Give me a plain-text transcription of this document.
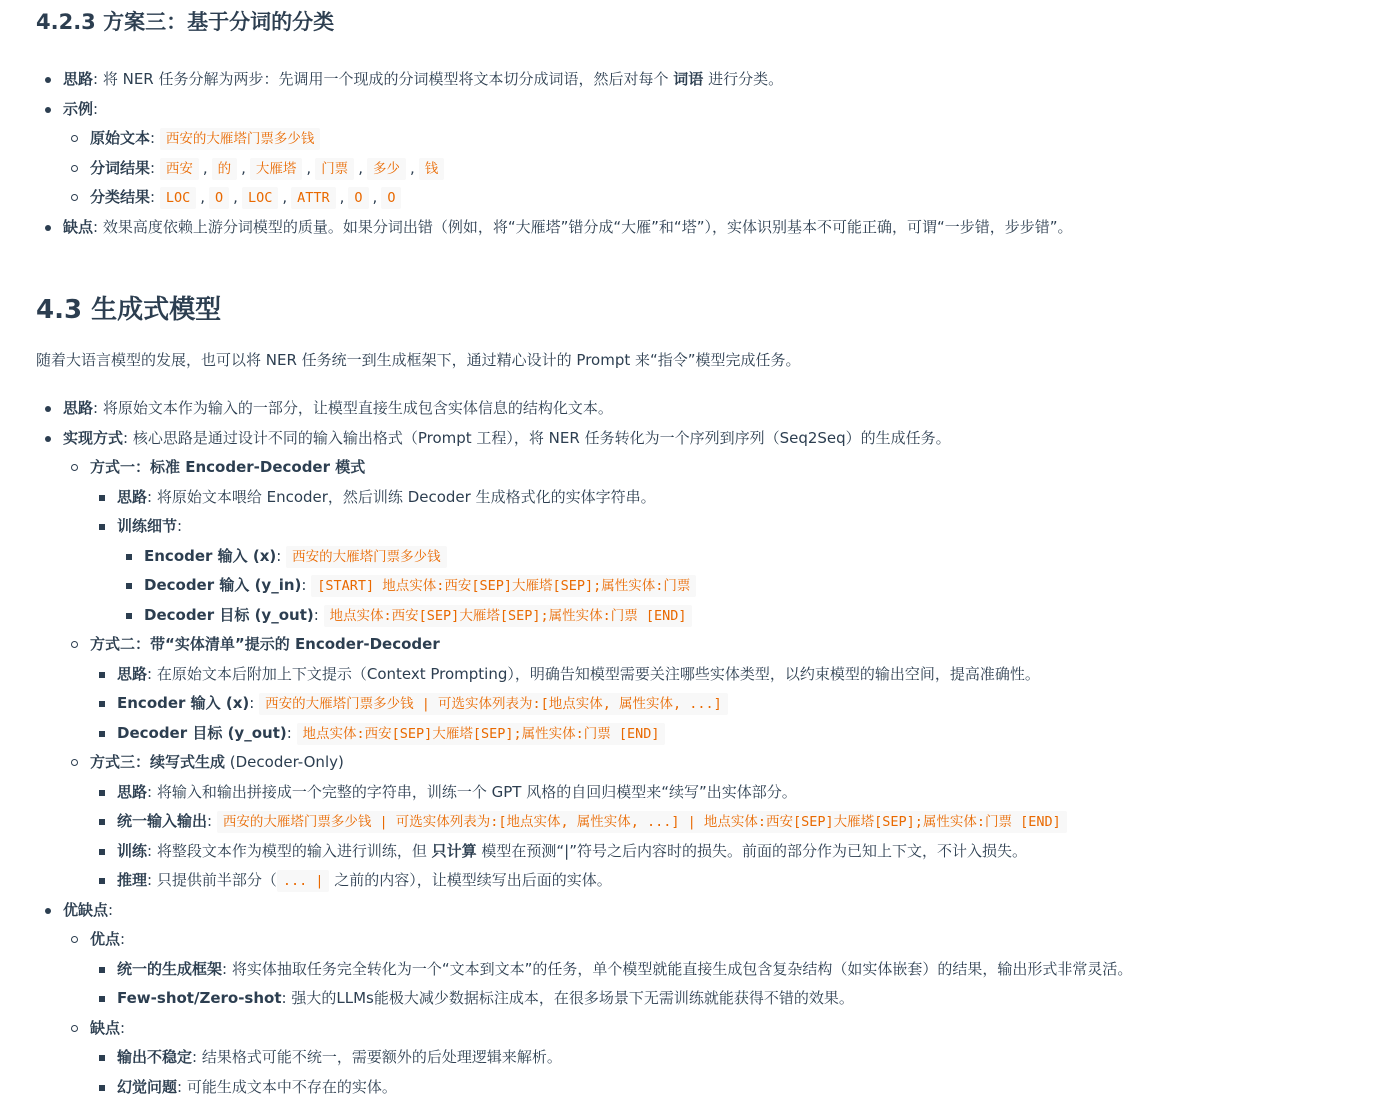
4.2.3 方案三：基于分词的分类
思路: 将 NER 任务分解为两步：先调用一个现成的分词模型将文本切分成词语，然后对每个 词语 进行分类。
示例:
原始文本: 西安的大雁塔门票多少钱
分词结果: 西安 , 的 , 大雁塔 , 门票 , 多少 , 钱
分类结果: LOC , O , LOC , ATTR , O , O
缺点: 效果高度依赖上游分词模型的质量。如果分词出错（例如，将“大雁塔”错分成“大雁”和“塔”），实体识别基本不可能正确，可谓“一步错，步步错”。
4.3 生成式模型

随着大语言模型的发展，也可以将 NER 任务统一到生成框架下，通过精心设计的 Prompt 来“指令”模型完成任务。

思路: 将原始文本作为输入的一部分，让模型直接生成包含实体信息的结构化文本。
实现方式: 核心思路是通过设计不同的输入输出格式（Prompt 工程），将 NER 任务转化为一个序列到序列（Seq2Seq）的生成任务。
方式一：标准 Encoder-Decoder 模式
思路: 将原始文本喂给 Encoder，然后训练 Decoder 生成格式化的实体字符串。
训练细节:
Encoder 输入 (x): 西安的大雁塔门票多少钱
Decoder 输入 (y_in): [START] 地点实体:西安[SEP]大雁塔[SEP];属性实体:门票
Decoder 目标 (y_out): 地点实体:西安[SEP]大雁塔[SEP];属性实体:门票 [END]
方式二：带“实体清单”提示的 Encoder-Decoder
思路: 在原始文本后附加上下文提示（Context Prompting），明确告知模型需要关注哪些实体类型，以约束模型的输出空间，提高准确性。
Encoder 输入 (x): 西安的大雁塔门票多少钱 | 可选实体列表为:[地点实体, 属性实体, ...]
Decoder 目标 (y_out): 地点实体:西安[SEP]大雁塔[SEP];属性实体:门票 [END]
方式三：续写式生成 (Decoder-Only)
思路: 将输入和输出拼接成一个完整的字符串，训练一个 GPT 风格的自回归模型来“续写”出实体部分。
统一输入输出: 西安的大雁塔门票多少钱 | 可选实体列表为:[地点实体, 属性实体, ...] | 地点实体:西安[SEP]大雁塔[SEP];属性实体:门票 [END]
训练: 将整段文本作为模型的输入进行训练，但 只计算 模型在预测“|”符号之后内容时的损失。前面的部分作为已知上下文，不计入损失。
推理: 只提供前半部分（ ... | 之前的内容），让模型续写出后面的实体。
优缺点:
优点:
统一的生成框架: 将实体抽取任务完全转化为一个“文本到文本”的任务，单个模型就能直接生成包含复杂结构（如实体嵌套）的结果，输出形式非常灵活。
Few-shot/Zero-shot: 强大的LLMs能极大减少数据标注成本，在很多场景下无需训练就能获得不错的效果。
缺点:
输出不稳定: 结果格式可能不统一，需要额外的后处理逻辑来解析。
幻觉问题: 可能生成文本中不存在的实体。
